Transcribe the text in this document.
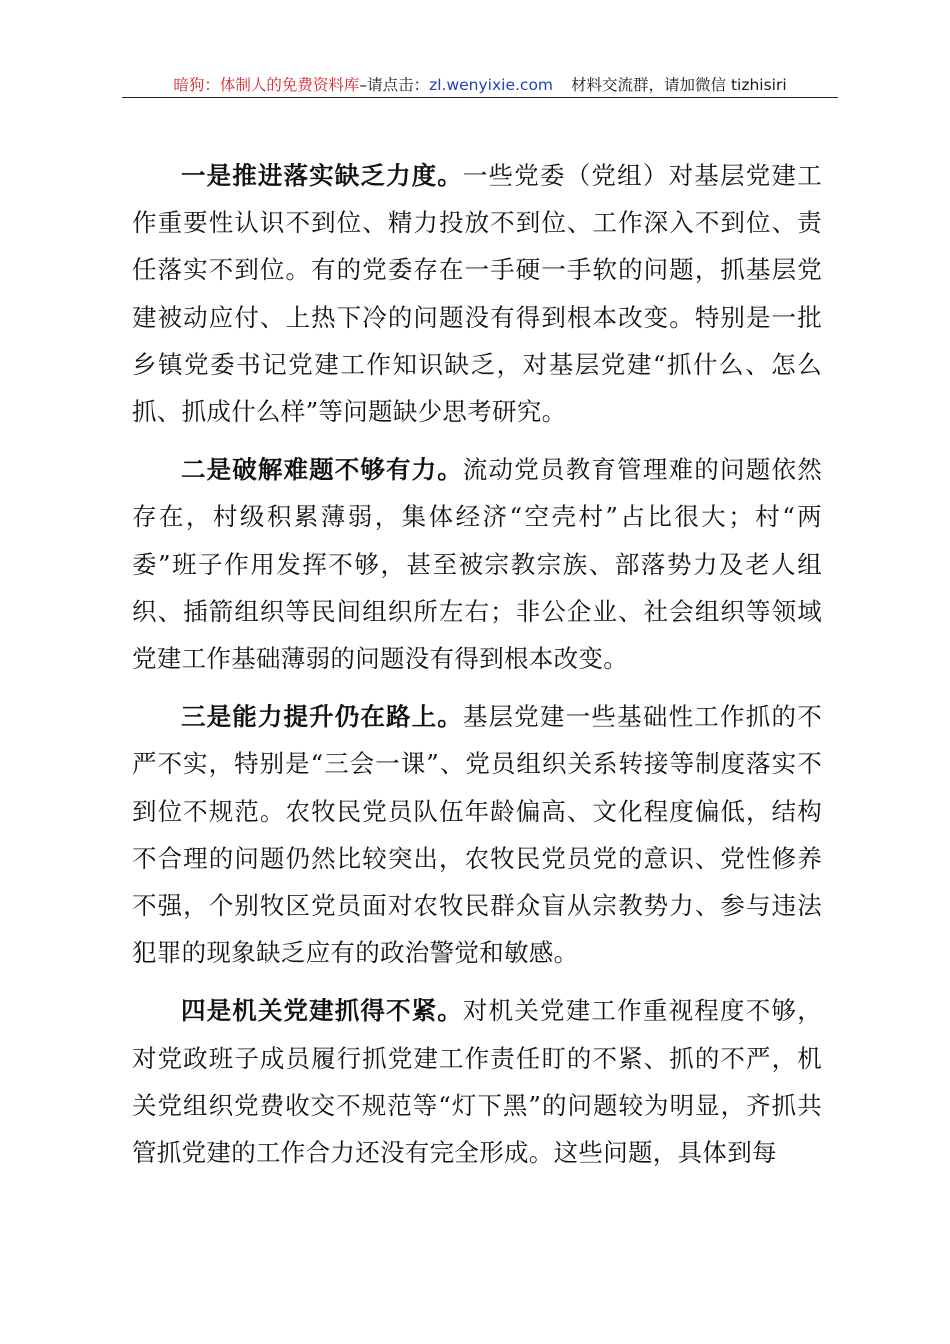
暗狗：体制人的免费资料库–请点击：zl.wenyixie.com 材料交流群，请加微信 tizhisiri

一是推进落实缺乏力度。一些党委（党组）对基层党建工作重要性认识不到位、精力投放不到位、工作深入不到位、责任落实不到位。有的党委存在一手硬一手软的问题，抓基层党建被动应付、上热下冷的问题没有得到根本改变。特别是一批乡镇党委书记党建工作知识缺乏，对基层党建“抓什么、怎么抓、抓成什么样”等问题缺少思考研究。

二是破解难题不够有力。流动党员教育管理难的问题依然存在，村级积累薄弱，集体经济“空壳村”占比很大；村“两委”班子作用发挥不够，甚至被宗教宗族、部落势力及老人组织、插箭组织等民间组织所左右；非公企业、社会组织等领域党建工作基础薄弱的问题没有得到根本改变。

三是能力提升仍在路上。基层党建一些基础性工作抓的不严不实，特别是“三会一课”、党员组织关系转接等制度落实不到位不规范。农牧民党员队伍年龄偏高、文化程度偏低，结构不合理的问题仍然比较突出，农牧民党员党的意识、党性修养不强，个别牧区党员面对农牧民群众盲从宗教势力、参与违法犯罪的现象缺乏应有的政治警觉和敏感。

四是机关党建抓得不紧。对机关党建工作重视程度不够，对党政班子成员履行抓党建工作责任盯的不紧、抓的不严，机关党组织党费收交不规范等“灯下黑”的问题较为明显，齐抓共管抓党建的工作合力还没有完全形成。这些问题，具体到每
